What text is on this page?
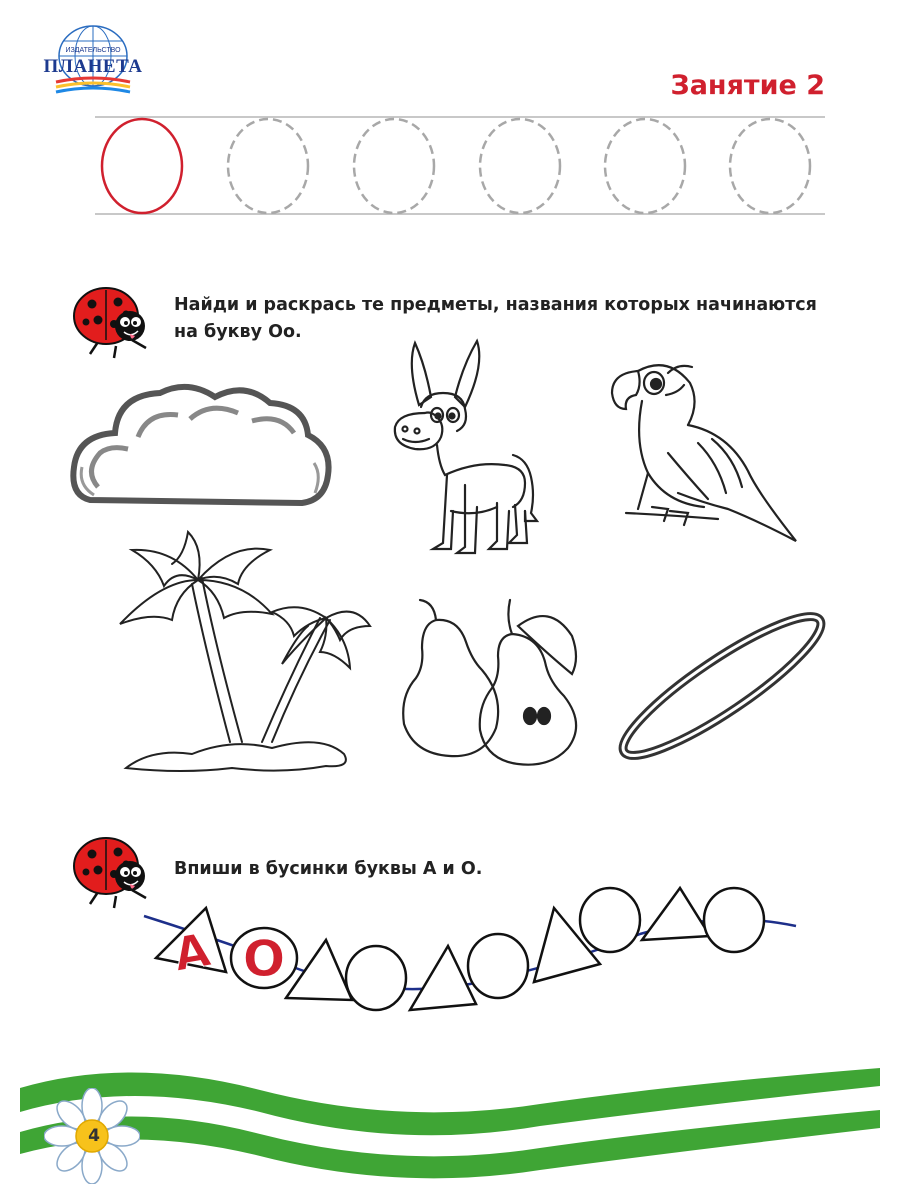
ИЗДАТЕЛЬСТВО
ПЛАНЕТА
Занятие 2
Найди и раскрась те предметы, названия которых начинаются
на букву Оо.
Впиши в бусинки буквы А и О.
А О
4
